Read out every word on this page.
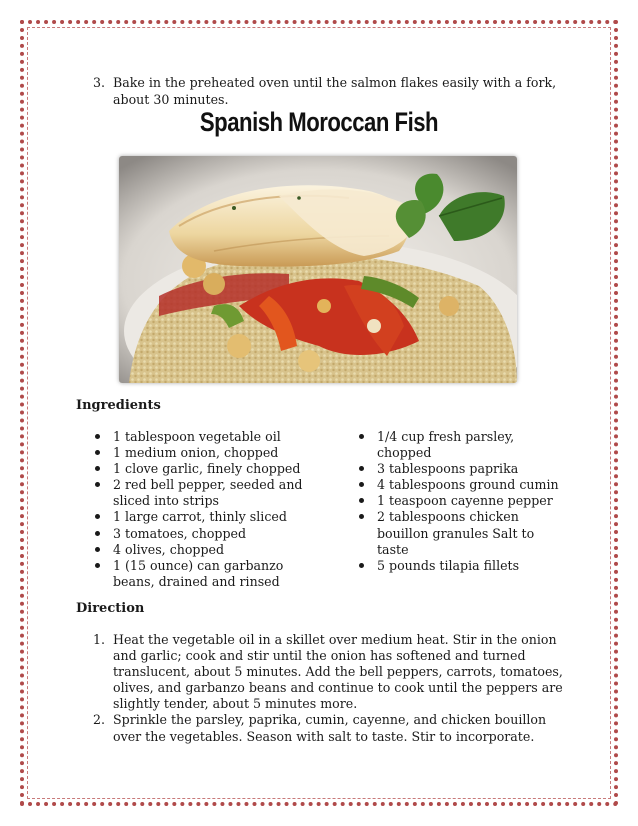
3. Bake in the preheated oven until the salmon flakes easily with a fork, about 30 minutes.
Spanish Moroccan Fish
Ingredients
1 tablespoon vegetable oil
1 medium onion, chopped
1 clove garlic, finely chopped
2 red bell pepper, seeded and sliced into strips
1 large carrot, thinly sliced
3 tomatoes, chopped
4 olives, chopped
1 (15 ounce) can garbanzo beans, drained and rinsed
1/4 cup fresh parsley, chopped
3 tablespoons paprika
4 tablespoons ground cumin
1 teaspoon cayenne pepper
2 tablespoons chicken bouillon granules Salt to taste
5 pounds tilapia fillets
Direction
1. Heat the vegetable oil in a skillet over medium heat. Stir in the onion and garlic; cook and stir until the onion has softened and turned translucent, about 5 minutes. Add the bell peppers, carrots, tomatoes, olives, and garbanzo beans and continue to cook until the peppers are slightly tender, about 5 minutes more.
2. Sprinkle the parsley, paprika, cumin, cayenne, and chicken bouillon over the vegetables. Season with salt to taste. Stir to incorporate.
